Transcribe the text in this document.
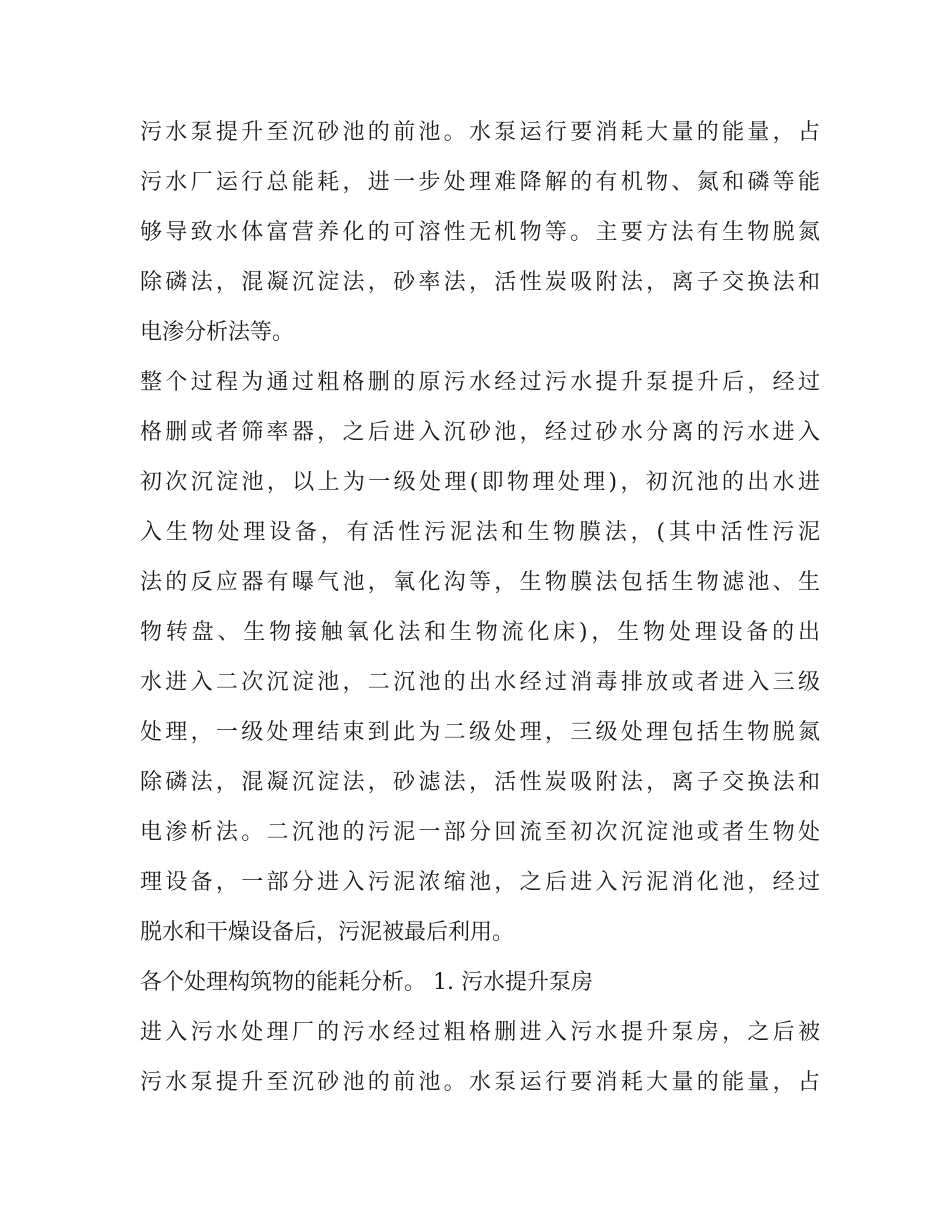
污水泵提升至沉砂池的前池。水泵运行要消耗大量的能量，占
污水厂运行总能耗，进一步处理难降解的有机物、氮和磷等能
够导致水体富营养化的可溶性无机物等。主要方法有生物脱氮
除磷法，混凝沉淀法，砂率法，活性炭吸附法，离子交换法和
电渗分析法等。
整个过程为通过粗格删的原污水经过污水提升泵提升后，经过
格删或者筛率器，之后进入沉砂池，经过砂水分离的污水进入
初次沉淀池，以上为一级处理(即物理处理)，初沉池的出水进
入生物处理设备，有活性污泥法和生物膜法，(其中活性污泥
法的反应器有曝气池，氧化沟等，生物膜法包括生物滤池、生
物转盘、生物接触氧化法和生物流化床)，生物处理设备的出
水进入二次沉淀池，二沉池的出水经过消毒排放或者进入三级
处理，一级处理结束到此为二级处理，三级处理包括生物脱氮
除磷法，混凝沉淀法，砂滤法，活性炭吸附法，离子交换法和
电渗析法。二沉池的污泥一部分回流至初次沉淀池或者生物处
理设备，一部分进入污泥浓缩池，之后进入污泥消化池，经过
脱水和干燥设备后，污泥被最后利用。
各个处理构筑物的能耗分析。 1. 污水提升泵房
进入污水处理厂的污水经过粗格删进入污水提升泵房，之后被
污水泵提升至沉砂池的前池。水泵运行要消耗大量的能量，占
